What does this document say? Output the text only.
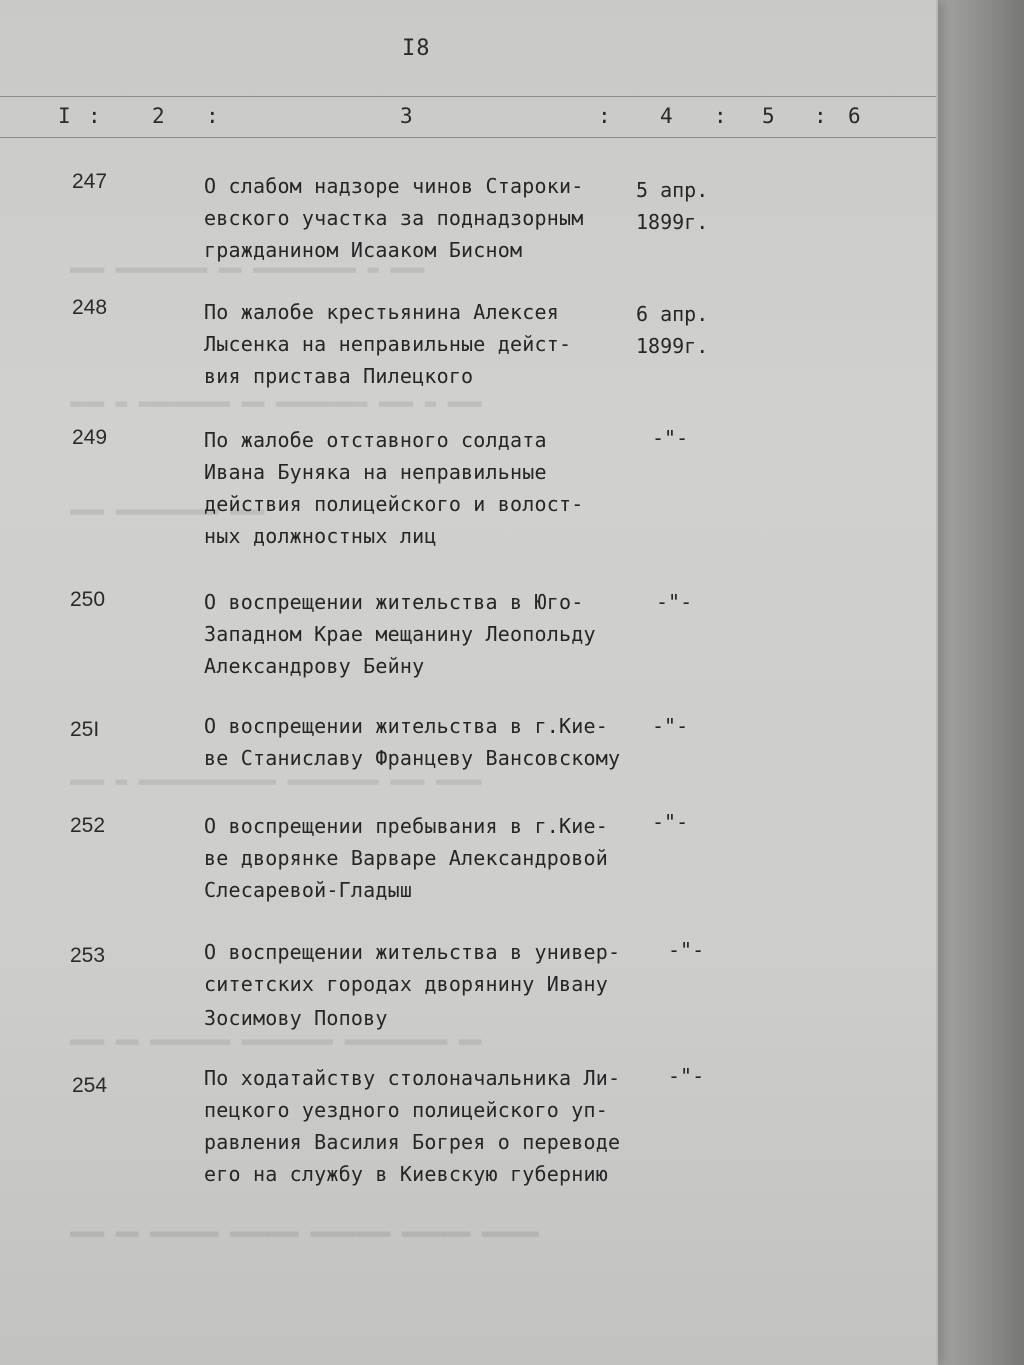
I8
I : 2 :	3	: 4 : 5 : 6
▬▬▬ ▬▬▬▬▬▬▬▬ ▬▬ ▬▬▬▬▬▬▬▬▬ ▬ ▬▬▬
▬▬▬ ▬ ▬▬▬▬▬▬▬▬ ▬▬ ▬▬▬▬▬▬▬▬ ▬▬▬ ▬ ▬▬▬
▬▬▬ ▬▬▬▬▬▬▬▬▬ ▬▬▬
▬▬▬ ▬ ▬▬▬▬▬▬▬▬▬▬▬▬ ▬▬▬▬▬▬▬▬ ▬▬▬ ▬▬▬▬
▬▬▬ ▬▬ ▬▬▬▬▬▬▬ ▬▬▬▬▬▬▬▬ ▬▬▬▬▬▬▬▬▬ ▬▬
▬▬▬ ▬▬ ▬▬▬▬▬▬ ▬▬▬▬▬▬ ▬▬▬▬▬▬▬ ▬▬▬▬▬▬ ▬▬▬▬▬
247	О слабом надзоре чинов Староки-
евского участка за поднадзорным
гражданином Исааком Бисном
5 апр.
1899г.
248	По жалобе крестьянина Алексея
Лысенка на неправильные дейст-
вия пристава Пилецкого
6 апр.
1899г.
249	По жалобе отставного солдата
Ивана Буняка на неправильные
действия полицейского и волост-
ных должностных лиц
-"-
250	О воспрещении жительства в Юго-
Западном Крае мещанину Леопольду
Александрову Бейну
-"-
25I	О воспрещении жительства в г.Кие-
ве Станиславу Францеву Вансовскому
-"-
252	О воспрещении пребывания в г.Кие-
ве дворянке Варваре Александровой
Слесаревой-Гладыш
-"-
253	О воспрещении жительства в универ-
ситетских городах дворянину Ивану
Зосимову Попову
-"-
254	По ходатайству столоначальника Ли-
пецкого уездного полицейского уп-
равления Василия Богрея о переводе
его на службу в Киевскую губернию
-"-
